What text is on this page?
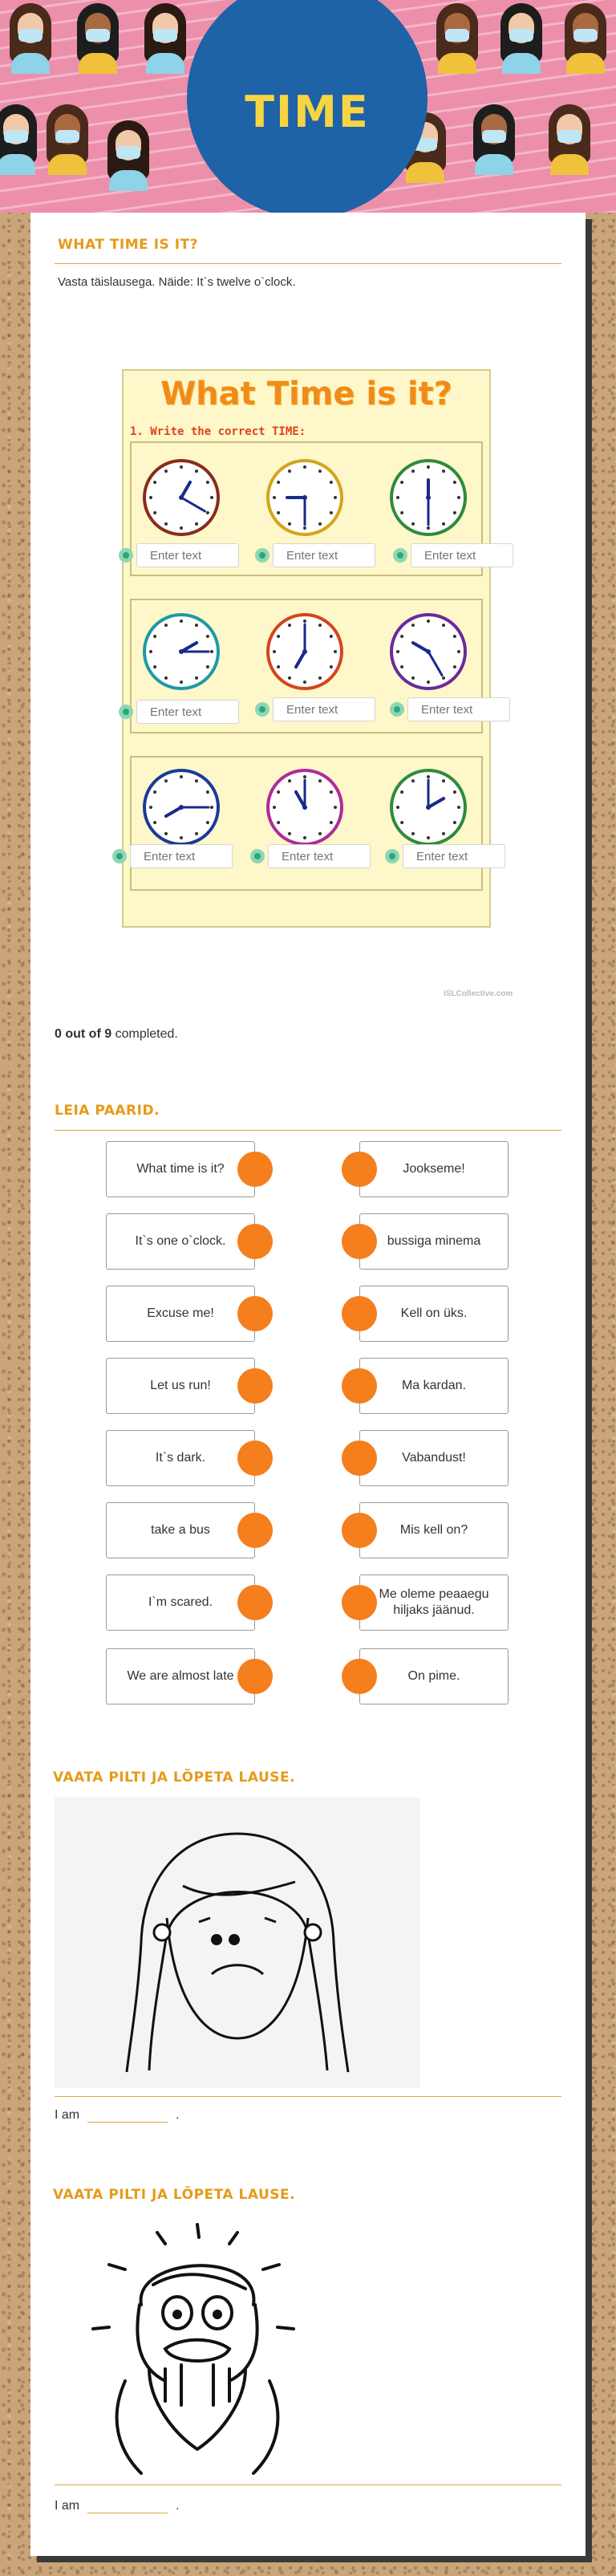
TIME
WHAT TIME IS IT?
Vasta täislausega. Näide: It`s twelve o`clock.
What Time is it?
1. Write the correct TIME:
iSLCollective.com
0 out of 9 completed.
LEIA PAARID.
VAATA PILTI JA LÕPETA LAUSE.
I am	.
VAATA PILTI JA LÕPETA LAUSE.
I am	.
Enter text
Enter text
Enter text
Enter text
Enter text
Enter text
Enter text
Enter text
Enter text
What time is it?
It`s one o`clock.
Excuse me!
Let us run!
It`s dark.
take a bus
I`m scared.
We are almost late
Jookseme!
bussiga minema
Kell on üks.
Ma kardan.
Vabandust!
Mis kell on?
Me oleme peaaegu hiljaks jäänud.
On pime.
